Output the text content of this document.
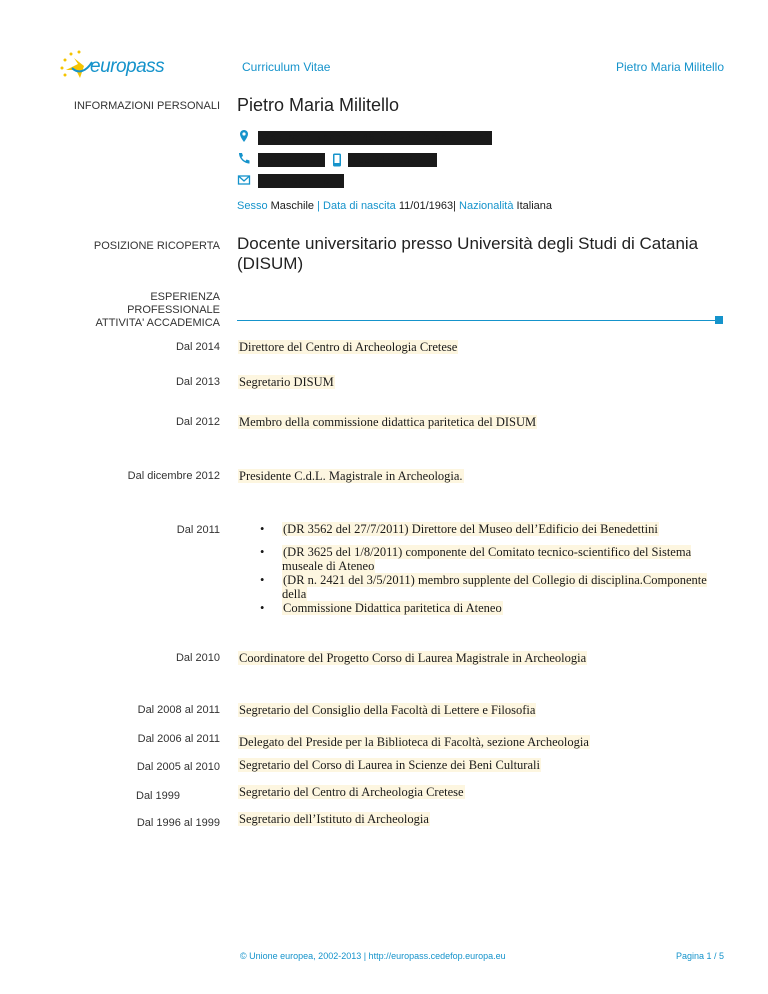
europass	Curriculum Vitae	Pietro Maria Militello
INFORMAZIONI PERSONALI Pietro Maria Militello
Via Grotte Bianche 146, 95129, Catania (Italia)
+390957102	+39 3474958010
militello@unict.it
Sesso Maschile | Data di nascita 11/01/1963| Nazionalità Italiana
POSIZIONE RICOPERTA Docente universitario presso Università degli Studi di Catania
(DISUM)
ESPERIENZA
PROFESSIONALE
ATTIVITA' ACCADEMICA
Dal 2014 Direttore del Centro di Archeologia Cretese
Dal 2013 Segretario DISUM
Dal 2012 Membro della commissione didattica paritetica del DISUM
Dal dicembre 2012 Presidente C.d.L. Magistrale in Archeologia.
Dal 2011
•	(DR 3562 del 27/7/2011) Direttore del Museo dell’Edificio dei Benedettini
• (DR 3625 del 1/8/2011) componente del Comitato tecnico-scientifico del Sistema museale di Ateneo
• (DR n. 2421 del 3/5/2011) membro supplente del Collegio di disciplina.Componente della
• Commissione Didattica paritetica di Ateneo
Dal 2010 Coordinatore del Progetto Corso di Laurea Magistrale in Archeologia
Dal 2008 al 2011 Segretario del Consiglio della Facoltà di Lettere e Filosofia
Dal 2006 al 2011 Delegato del Preside per la Biblioteca di Facoltà, sezione Archeologia
Dal 2005 al 2010 Segretario del Corso di Laurea in Scienze dei Beni Culturali
Dal 1999	Segretario del Centro di Archeologia Cretese
Dal 1996 al 1999 Segretario dell’Istituto di Archeologia
© Unione europea, 2002-2013 | http://europass.cedefop.europa.eu	Pagina 1 / 5
